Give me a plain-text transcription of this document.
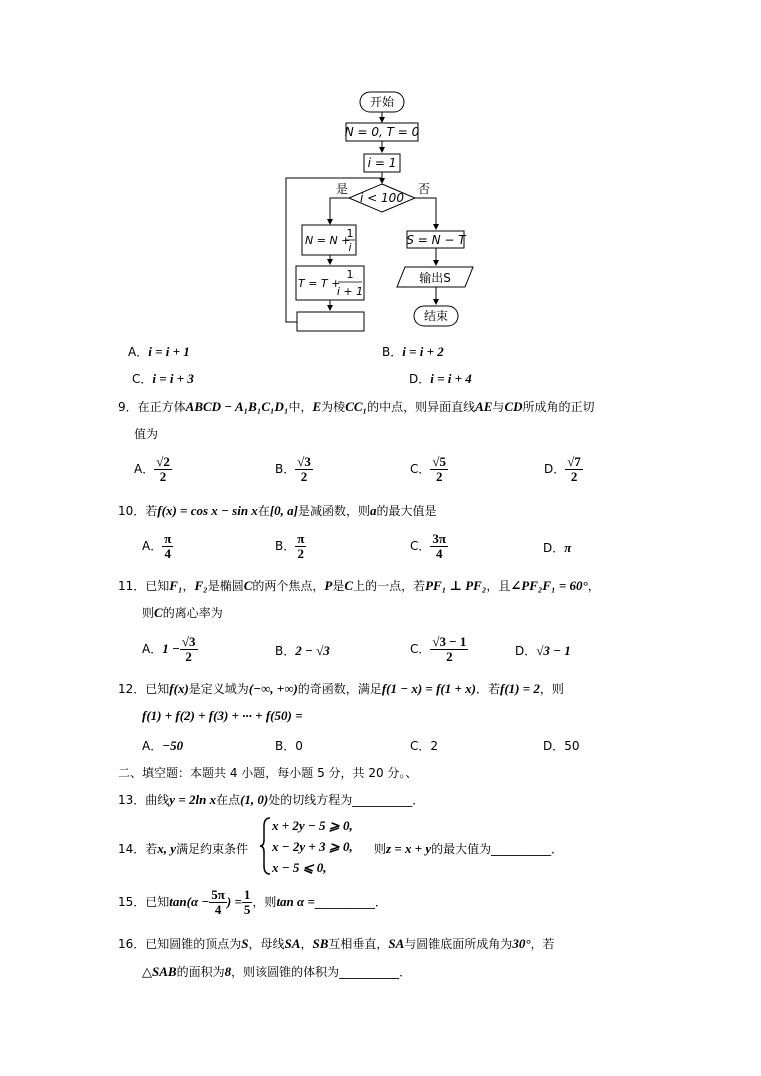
开始
N = 0, T = 0
i = 1
i < 100
是	否
N = N +
1
i
T = T +
1
i + 1
.
S = N − T
输出S
结束
A．i = i + 1	B．i = i + 2
C．i = i + 3	D．i = i + 4
9．在正方体ABCD − A₁B₁C₁D₁中，E为棱CC₁的中点，则异面直线AE与CD所成角的正切
值为
A． $\frac{√2}{2}$	B． $\frac{√3}{2}$	C． $\frac{√5}{2}$	D． $\frac{√7}{2}$
10．若f(x) = cos x − sin x在[0, a]是减函数，则a的最大值是
A． $\frac{\pi}{4}$	B． $\frac{\pi}{2}$	C． $\frac{3\pi}{4}$	D．π
11．已知F₁，F₂是椭圆C的两个焦点，P是C上的一点，若PF₁ ⊥ PF₂，且∠PF₂F₁ = 60°，
则C的离心率为
A．$1 - \frac{√3}{2}$	B．2 − √3	C． $\frac{√3 - 1}{2}$	D．√3 − 1
12．已知f(x)是定义域为(−∞, +∞)的奇函数，满足f(1 − x) = f(1 + x)．若f(1) = 2，则
f(1) + f(2) + f(3) + ··· + f(50) =
A．−50	B．0	C．2	D．50
二、填空题：本题共 4 小题，每小题 5 分，共 20 分。、
13．曲线y = 2ln x在点(1, 0)处的切线方程为__________．
14．若x, y满足约束条件
x + 2y − 5 ⩾ 0,
x − 2y + 3 ⩾ 0,
x − 5 ⩽ 0,
则z = x + y的最大值为__________．
15．已知$\tan(\alpha - \frac{5\pi}{4}$ ) = $\frac{1}{5}$ ，则tan α =__________．
16．已知圆锥的顶点为S，母线SA，SB互相垂直，SA与圆锥底面所成角为30°，若
△SAB的面积为8，则该圆锥的体积为__________．
